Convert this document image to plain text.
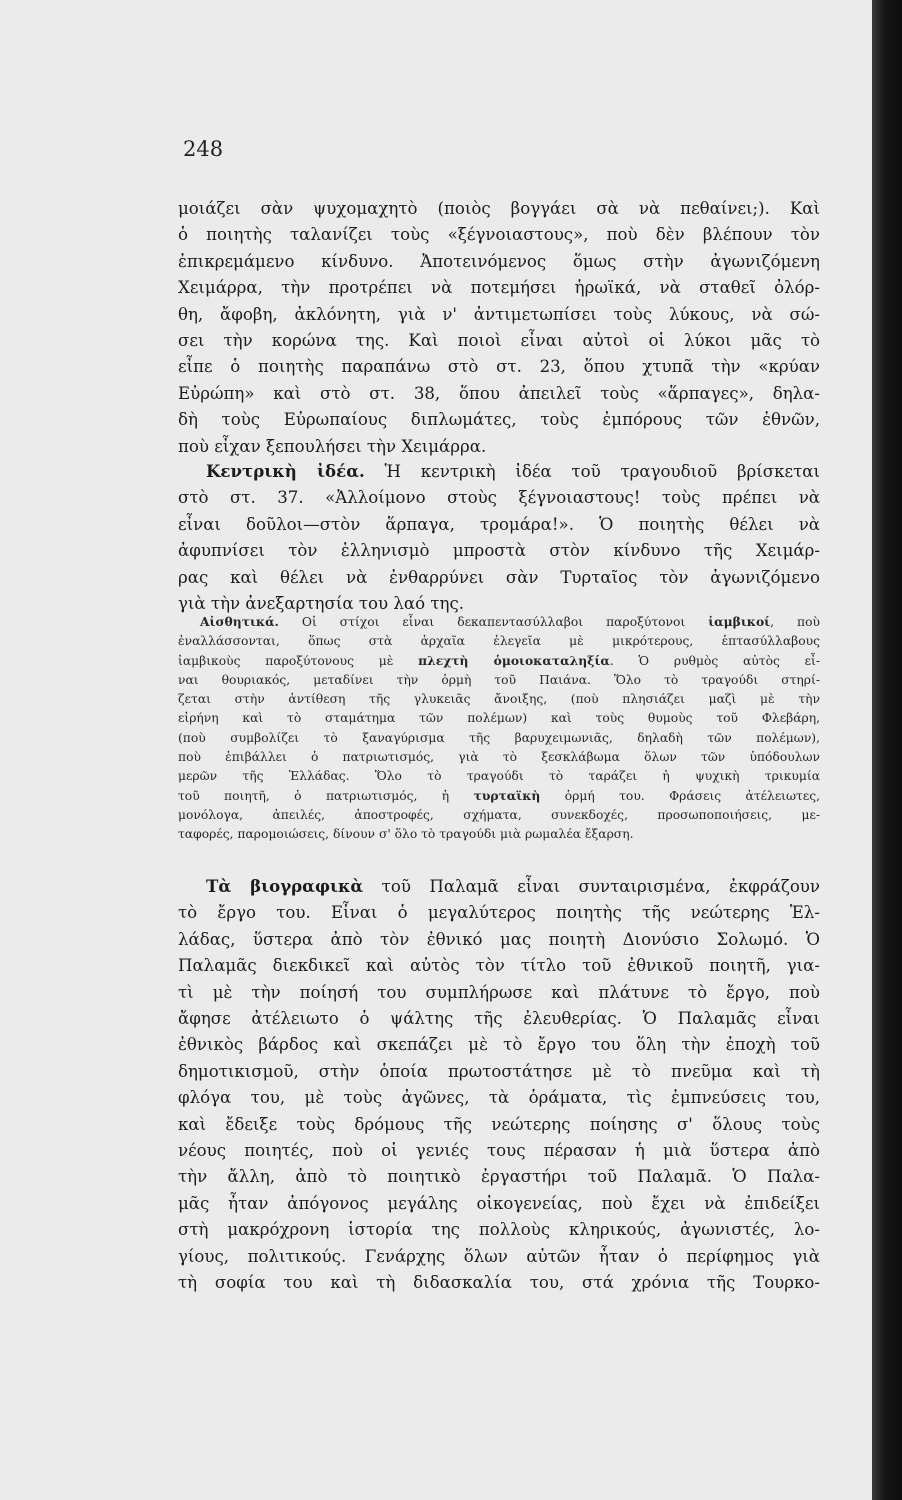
248
μοιάζει σὰν ψυχομαχητὸ (ποιὸς βογγάει σὰ νὰ πεθαίνει;). Καὶ
ὁ ποιητὴς ταλανίζει τοὺς «ξέγνοιαστους», ποὺ δὲν βλέπουν τὸν
ἐπικρεμάμενο κίνδυνο. Ἀποτεινόμενος ὅμως στὴν ἀγωνιζόμενη
Χειμάρρα, τὴν προτρέπει νὰ ποτεμήσει ἡρωϊκά, νὰ σταθεῖ ὀλόρ-
θη, ἄφοβη, ἀκλόνητη, γιὰ ν' ἀντιμετωπίσει τοὺς λύκους, νὰ σώ-
σει τὴν κορώνα της. Καὶ ποιοὶ εἶναι αὐτοὶ οἱ λύκοι μᾶς τὸ
εἶπε ὁ ποιητὴς παραπάνω στὸ στ. 23, ὅπου χτυπᾶ τὴν «κρύαν
Εὐρώπη» καὶ στὸ στ. 38, ὅπου ἀπειλεῖ τοὺς «ἅρπαγες», δηλα-
δὴ τοὺς Εὐρωπαίους διπλωμάτες, τοὺς ἐμπόρους τῶν ἐθνῶν,
ποὺ εἶχαν ξεπουλήσει τὴν Χειμάρρα.
Κεντρικὴ ἰδέα. Ἡ κεντρικὴ ἰδέα τοῦ τραγουδιοῦ βρίσκεται
στὸ στ. 37. «Ἀλλοίμονο στοὺς ξέγνοιαστους! τοὺς πρέπει νὰ
εἶναι δοῦλοι—στὸν ἅρπαγα, τρομάρα!». Ὁ ποιητὴς θέλει νὰ
ἀφυπνίσει τὸν ἑλληνισμὸ μπροστὰ στὸν κίνδυνο τῆς Χειμάρ-
ρας καὶ θέλει νὰ ἐνθαρρύνει σὰν Τυρταῖος τὸν ἀγωνιζόμενο
γιὰ τὴν ἀνεξαρτησία του λαό της.
Αἰσθητικά. Οἱ στίχοι εἶναι δεκαπεντασύλλαβοι παροξύτονοι ἰαμβικοί, ποὺ
ἐναλλάσσονται, ὅπως στὰ ἀρχαῖα ἐλεγεῖα μὲ μικρότερους, ἑπτασύλλαβους
ἰαμβικοὺς παροξύτονους μὲ πλεχτὴ ὁμοιοκαταληξία. Ὁ ρυθμὸς αὐτὸς εἶ-
ναι θουριακός, μεταδίνει τὴν ὁρμὴ τοῦ Παιάνα. Ὅλο τὸ τραγούδι στηρί-
ζεται στὴν ἀντίθεση τῆς γλυκειᾶς ἄνοιξης, (ποὺ πλησιάζει μαζὶ μὲ τὴν
εἰρήνη καὶ τὸ σταμάτημα τῶν πολέμων) καὶ τοὺς θυμοὺς τοῦ Φλεβάρη,
(ποὺ συμβολίζει τὸ ξαναγύρισμα τῆς βαρυχειμωνιᾶς, δηλαδὴ τῶν πολέμων),
ποὺ ἐπιβάλλει ὁ πατριωτισμός, γιὰ τὸ ξεσκλάβωμα ὅλων τῶν ὑπόδουλων
μερῶν τῆς Ἑλλάδας. Ὅλο τὸ τραγούδι τὸ ταράζει ἡ ψυχικὴ τρικυμία
τοῦ ποιητῆ, ὁ πατριωτισμός, ἡ τυρταϊκὴ ὁρμή του. Φράσεις ἀτέλειωτες,
μονόλογα, ἀπειλές, ἀποστροφές, σχήματα, συνεκδοχές, προσωποποιήσεις, με-
ταφορές, παρομοιώσεις, δίνουν σ' ὅλο τὸ τραγούδι μιὰ ρωμαλέα ἔξαρση.
Τὰ βιογραφικὰ τοῦ Παλαμᾶ εἶναι συνταιρισμένα, ἐκφράζουν
τὸ ἔργο του. Εἶναι ὁ μεγαλύτερος ποιητὴς τῆς νεώτερης Ἑλ-
λάδας, ὕστερα ἀπὸ τὸν ἐθνικό μας ποιητὴ Διονύσιο Σολωμό. Ὁ
Παλαμᾶς διεκδικεῖ καὶ αὐτὸς τὸν τίτλο τοῦ ἐθνικοῦ ποιητῆ, για-
τὶ μὲ τὴν ποίησή του συμπλήρωσε καὶ πλάτυνε τὸ ἔργο, ποὺ
ἄφησε ἀτέλειωτο ὁ ψάλτης τῆς ἐλευθερίας. Ὁ Παλαμᾶς εἶναι
ἐθνικὸς βάρδος καὶ σκεπάζει μὲ τὸ ἔργο του ὅλη τὴν ἐποχὴ τοῦ
δημοτικισμοῦ, στὴν ὁποία πρωτοστάτησε μὲ τὸ πνεῦμα καὶ τὴ
φλόγα του, μὲ τοὺς ἀγῶνες, τὰ ὁράματα, τὶς ἐμπνεύσεις του,
καὶ ἔδειξε τοὺς δρόμους τῆς νεώτερης ποίησης σ' ὅλους τοὺς
νέους ποιητές, ποὺ οἱ γενιές τους πέρασαν ἡ μιὰ ὕστερα ἀπὸ
τὴν ἄλλη, ἀπὸ τὸ ποιητικὸ ἐργαστήρι τοῦ Παλαμᾶ. Ὁ Παλα-
μᾶς ἦταν ἀπόγονος μεγάλης οἰκογενείας, ποὺ ἔχει νὰ ἐπιδείξει
στὴ μακρόχρονη ἱστορία της πολλοὺς κληρικούς, ἀγωνιστές, λο-
γίους, πολιτικούς. Γενάρχης ὅλων αὐτῶν ἦταν ὁ περίφημος γιὰ
τὴ σοφία του καὶ τὴ διδασκαλία του, στά χρόνια τῆς Τουρκο-
